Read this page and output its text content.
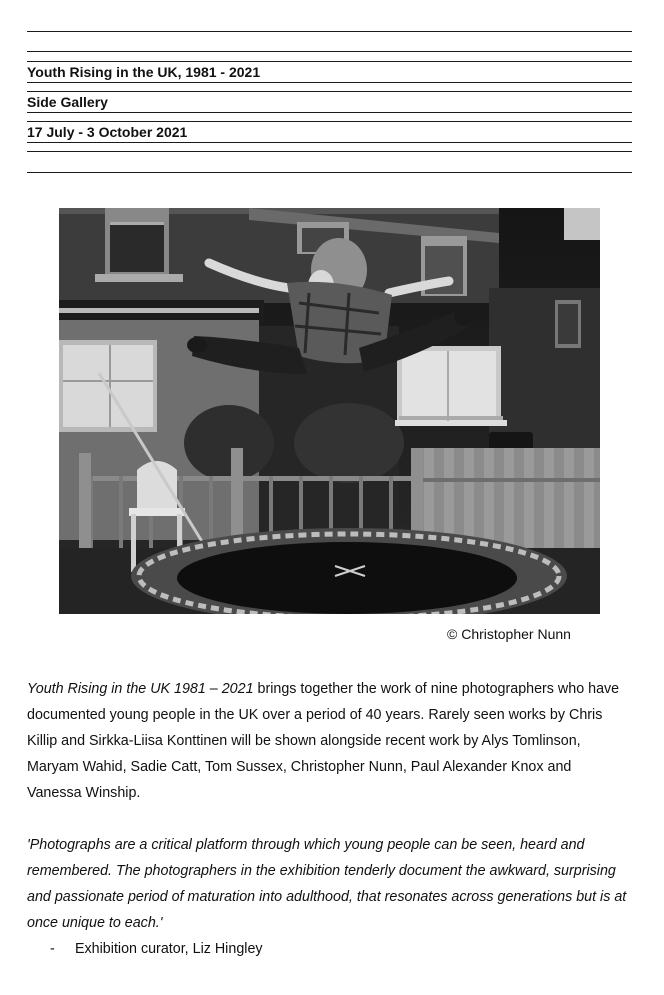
Youth Rising in the UK, 1981 - 2021
Side Gallery
17 July - 3 October 2021
© Christopher Nunn
Youth Rising in the UK 1981 – 2021 brings together the work of nine photographers who have documented young people in the UK over a period of 40 years. Rarely seen works by Chris Killip and Sirkka-Liisa Konttinen will be shown alongside recent work by Alys Tomlinson, Maryam Wahid, Sadie Catt, Tom Sussex, Christopher Nunn, Paul Alexander Knox and Vanessa Winship.
'Photographs are a critical platform through which young people can be seen, heard and remembered. The photographers in the exhibition tenderly document the awkward, surprising and passionate period of maturation into adulthood, that resonates across generations but is at once unique to each.'
- Exhibition curator, Liz Hingley
